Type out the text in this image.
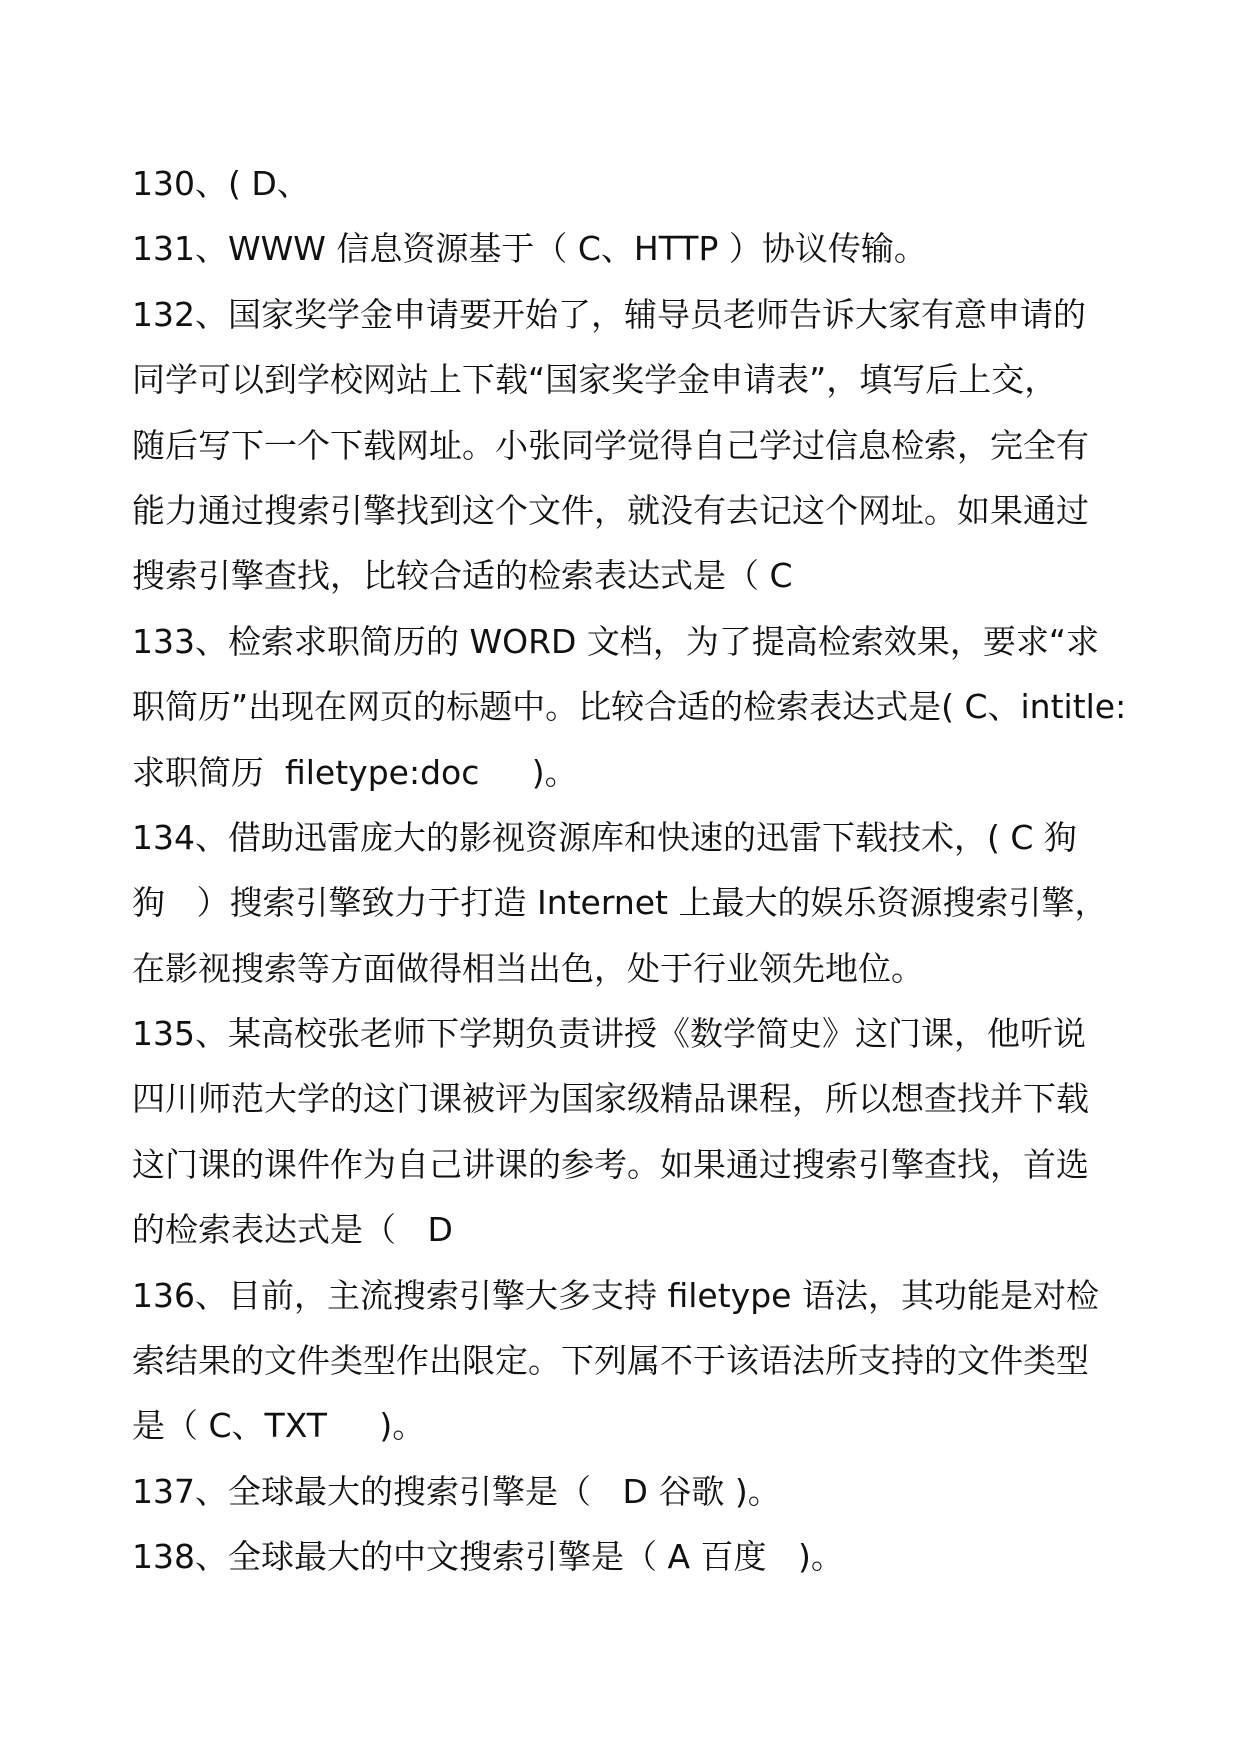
130、( D、
131、WWW 信息资源基于（ C、HTTP ）协议传输。
132、国家奖学金申请要开始了，辅导员老师告诉大家有意申请的
同学可以到学校网站上下载“国家奖学金申请表”，填写后上交，
随后写下一个下载网址。小张同学觉得自己学过信息检索，完全有
能力通过搜索引擎找到这个文件，就没有去记这个网址。如果通过
搜索引擎查找，比较合适的检索表达式是（ C
133、检索求职简历的 WORD 文档，为了提高检索效果，要求“求
职简历”出现在网页的标题中。比较合适的检索表达式是( C、intitle:
求职简历  filetype:doc     )。
134、借助迅雷庞大的影视资源库和快速的迅雷下载技术，( C 狗
狗   ）搜索引擎致力于打造 Internet 上最大的娱乐资源搜索引擎，
在影视搜索等方面做得相当出色，处于行业领先地位。
135、某高校张老师下学期负责讲授《数学简史》这门课，他听说
四川师范大学的这门课被评为国家级精品课程，所以想查找并下载
这门课的课件作为自己讲课的参考。如果通过搜索引擎查找，首选
的检索表达式是（   D
136、目前，主流搜索引擎大多支持 filetype 语法，其功能是对检
索结果的文件类型作出限定。下列属不于该语法所支持的文件类型
是（ C、TXT     )。
137、全球最大的搜索引擎是（   D 谷歌 )。
138、全球最大的中文搜索引擎是（ A 百度   )。
